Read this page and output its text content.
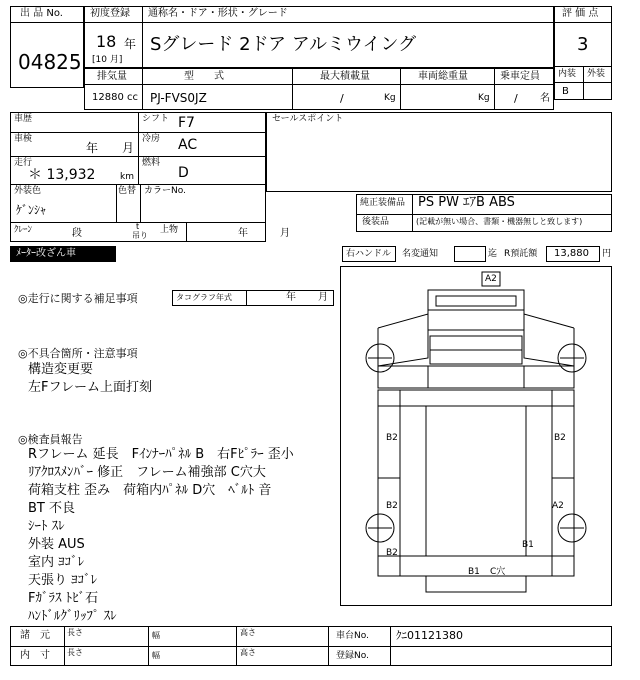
出 品 No.
04825
初度登録 通称名・ドア・形状・グレード
18 年
[10 月]
Sグレード 2ドア アルミウイング
評 価 点
3
内装 外装
B
排気量	型　　式	最大積載量	車両総重量	乗車定員
12880 cc PJ-FVS0JZ	/	Kg	Kg / 名
車歴
車検
年 月
走行
＊ 13,932	km
シフト F7
冷房 AC
燃料
D
外装色
ｹﾞﾝｼｬ
色替 カラーNo.
ｸﾚｰﾝ	段
t
吊り
上物	年	月
セールスポイント
純正装備品 PS PW ｴｱB ABS
後装品	(記載が無い場合、書類・機器無しと致します)
ﾒｰﾀｰ改ざん車	右ハンドル 名変通知	迄 R預託額 13,880 円
◎走行に関する補足事項	タコグラフ年式	年 月
◎不具合箇所・注意事項
構造変更要
左Fフレーム上面打刻
◎検査員報告
Rフレーム 延長　Fｲﾝﾅｰﾊﾟﾈﾙ B　右Fﾋﾟﾗｰ 歪小
ﾘｱｸﾛｽﾒﾝﾊﾞｰ 修正　フレーム補強部 C穴大
荷箱支柱 歪み　荷箱内ﾊﾟﾈﾙ D穴　ﾍﾞﾙﾄ 音
BT 不良
ｼｰﾄ ｽﾚ
外装 AUS
室内 ﾖｺﾞﾚ
天張り ﾖｺﾞﾚ
Fｶﾞﾗｽ ﾄﾋﾞ石
ﾊﾝﾄﾞﾙｸﾞﾘｯﾌﾟ ｽﾚ
A2
B2	B2
B2
B2
A2
B1
B1 C穴
諸　元 長さ	幅	高さ	車台No. ｸﾆ01121380
内　寸 長さ	幅	高さ	登録No.
